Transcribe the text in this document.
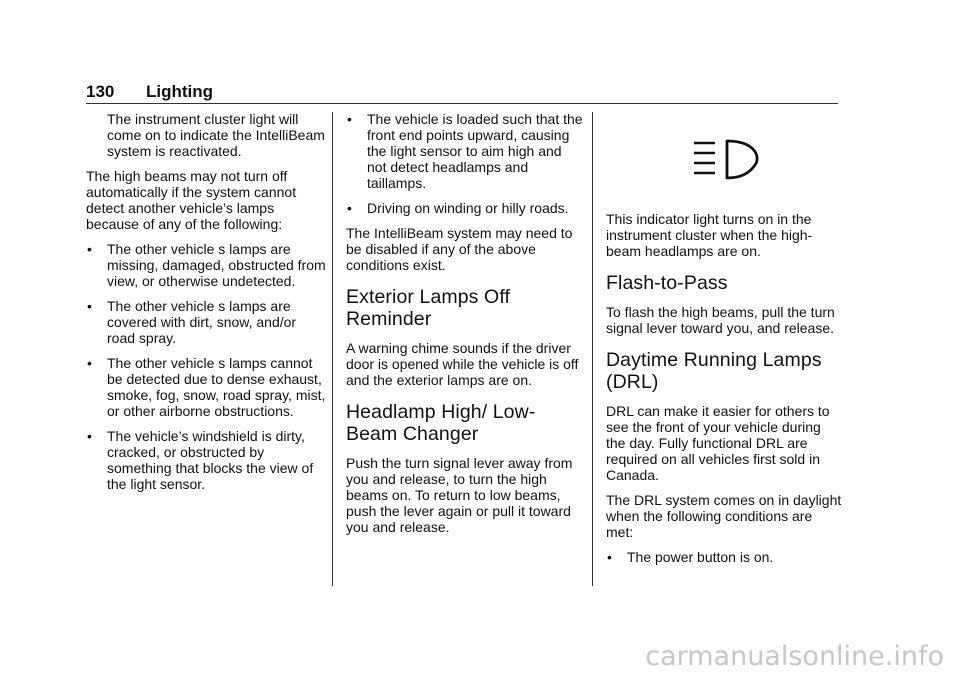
130 Lighting

The instrument cluster light will come on to indicate the IntelliBeam system is reactivated.

The high beams may not turn off automatically if the system cannot detect another vehicle’s lamps because of any of the following:

• The other vehicle s lamps are missing, damaged, obstructed from view, or otherwise undetected.
• The other vehicle s lamps are covered with dirt, snow, and/or road spray.
• The other vehicle s lamps cannot be detected due to dense exhaust, smoke, fog, snow, road spray, mist, or other airborne obstructions.
• The vehicle’s windshield is dirty, cracked, or obstructed by something that blocks the view of the light sensor.
• The vehicle is loaded such that the front end points upward, causing the light sensor to aim high and not detect headlamps and taillamps.
• Driving on winding or hilly roads.

The IntelliBeam system may need to be disabled if any of the above conditions exist.

Exterior Lamps Off Reminder

A warning chime sounds if the driver door is opened while the vehicle is off and the exterior lamps are on.

Headlamp High/ Low-Beam Changer

Push the turn signal lever away from you and release, to turn the high beams on. To return to low beams, push the lever again or pull it toward you and release.

This indicator light turns on in the instrument cluster when the high-beam headlamps are on.

Flash-to-Pass

To flash the high beams, pull the turn signal lever toward you, and release.

Daytime Running Lamps (DRL)

DRL can make it easier for others to see the front of your vehicle during the day. Fully functional DRL are required on all vehicles first sold in Canada.

The DRL system comes on in daylight when the following conditions are met:

• The power button is on.
carmanualsonline.info
